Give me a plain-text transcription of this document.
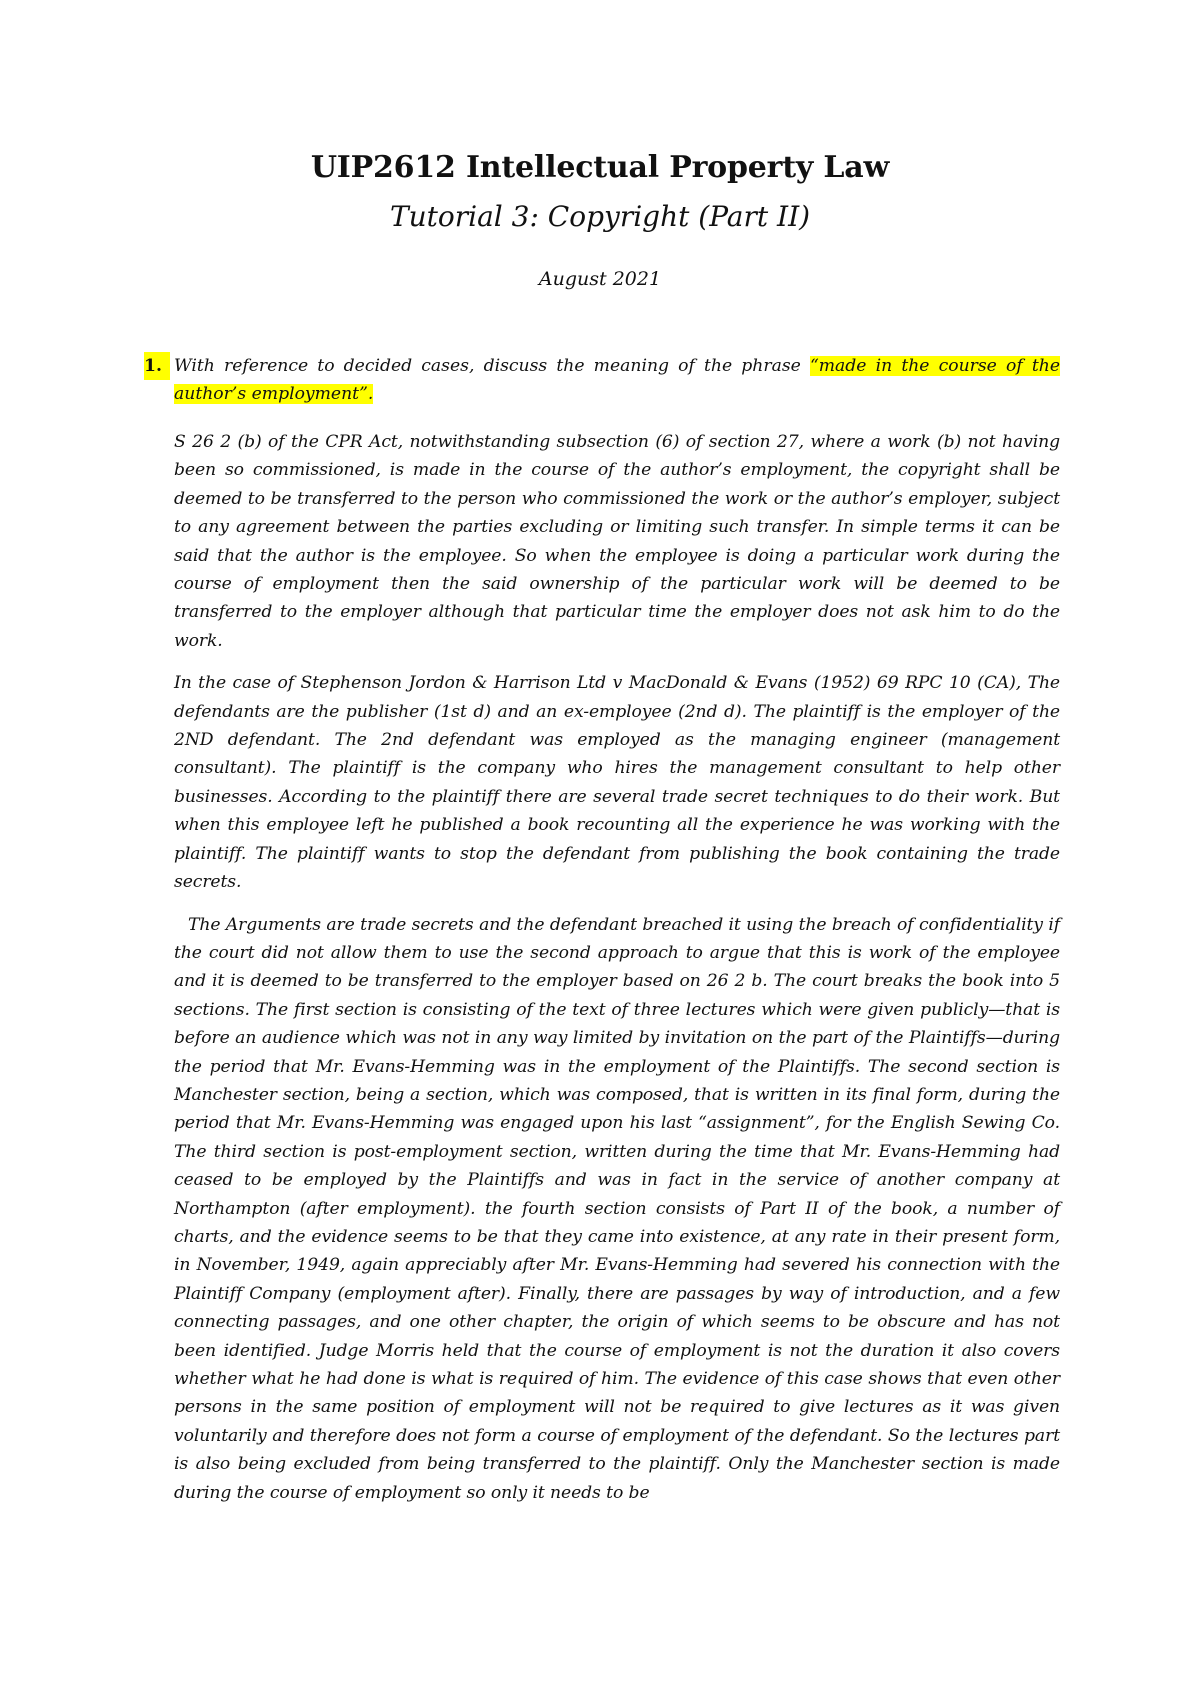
UIP2612 Intellectual Property Law
Tutorial 3: Copyright (Part II)
August 2021
1. With reference to decided cases, discuss the meaning of the phrase “made in the course of the author’s employment”.

S 26 2 (b) of the CPR Act, notwithstanding subsection (6) of section 27, where a work (b) not having been so commissioned, is made in the course of the author’s employment, the copyright shall be deemed to be transferred to the person who commissioned the work or the author’s employer, subject to any agreement between the parties excluding or limiting such transfer. In simple terms it can be said that the author is the employee. So when the employee is doing a particular work during the course of employment then the said ownership of the particular work will be deemed to be transferred to the employer although that particular time the employer does not ask him to do the work.

In the case of Stephenson Jordon & Harrison Ltd v MacDonald & Evans (1952) 69 RPC 10 (CA), The defendants are the publisher (1st d) and an ex-employee (2nd d). The plaintiff is the employer of the 2ND defendant. The 2nd defendant was employed as the managing engineer (management consultant). The plaintiff is the company who hires the management consultant to help other businesses. According to the plaintiff there are several trade secret techniques to do their work. But when this employee left he published a book recounting all the experience he was working with the plaintiff. The plaintiff wants to stop the defendant from publishing the book containing the trade secrets.

The Arguments are trade secrets and the defendant breached it using the breach of confidentiality if the court did not allow them to use the second approach to argue that this is work of the employee and it is deemed to be transferred to the employer based on 26 2 b. The court breaks the book into 5 sections. The first section is consisting of the text of three lectures which were given publicly—that is before an audience which was not in any way limited by invitation on the part of the Plaintiffs—during the period that Mr. Evans-Hemming was in the employment of the Plaintiffs. The second section is Manchester section, being a section, which was composed, that is written in its final form, during the period that Mr. Evans-Hemming was engaged upon his last “assignment”, for the English Sewing Co. The third section is post-employment section, written during the time that Mr. Evans-Hemming had ceased to be employed by the Plaintiffs and was in fact in the service of another company at Northampton (after employment). the fourth section consists of Part II of the book, a number of charts, and the evidence seems to be that they came into existence, at any rate in their present form, in November, 1949, again appreciably after Mr. Evans-Hemming had severed his connection with the Plaintiff Company (employment after). Finally, there are passages by way of introduction, and a few connecting passages, and one other chapter, the origin of which seems to be obscure and has not been identified. Judge Morris held that the course of employment is not the duration it also covers whether what he had done is what is required of him. The evidence of this case shows that even other persons in the same position of employment will not be required to give lectures as it was given voluntarily and therefore does not form a course of employment of the defendant. So the lectures part is also being excluded from being transferred to the plaintiff. Only the Manchester section is made during the course of employment so only it needs to be
